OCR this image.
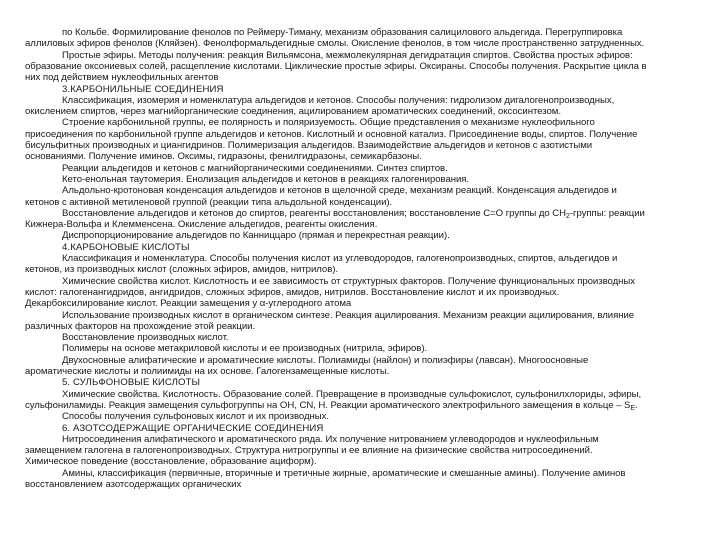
по Кольбе. Формилирование фенолов по Реймеру-Тиману, механизм образования салицилового альдегида. Перегруппировка
аллиловых эфиров фенолов (Кляйзен). Фенолформальдегидные смолы. Окисление фенолов, в том числе пространственно затрудненных.
Простые эфиры. Методы получения: реакция Вильямсона, межмолекулярная дегидратация спиртов. Свойства простых эфиров:
образование оксониевых солей, расщепление кислотами. Циклические простые эфиры. Оксираны. Способы получения. Раскрытие цикла в
них под действием нуклеофильных агентов
3.КАРБОНИЛЬНЫЕ СОЕДИНЕНИЯ
Классификация, изомерия и номенклатура альдегидов и кетонов. Способы получения: гидролизом дигалогенопроизводных,
окислением спиртов, через магнийорганические соединения, ацилированием ароматических соединений, оксосинтезом.
Строение карбонильной группы, ее полярность и поляризуемость. Общие представления о механизме нуклеофильного
присоединения по карбонильной группе альдегидов и кетонов. Кислотный и основной катализ. Присоединение воды, спиртов. Получение
бисульфитных производных и циангидринов. Полимеризация альдегидов. Взаимодействие альдегидов и кетонов с азотистыми
основаниями. Получение иминов. Оксимы, гидразоны, фенилгидразоны, семикарбазоны.
Реакции альдегидов и кетонов с магнийорганическими соединениями. Синтез спиртов.
Кето-енольная таутомерия. Енолизация альдегидов и кетонов в реакциях галогенирования.
Альдольно-кротоновая конденсация альдегидов и кетонов в щелочной среде, механизм реакций. Конденсация альдегидов и
кетонов с активной метиленовой группой (реакции типа альдольной конденсации).
Восстановление альдегидов и кетонов до спиртов, реагенты восстановления; восстановление С=О группы до $СН_2$-группы: реакции
Кижнера-Вольфа и Клемменсена. Окисление альдегидов, реагенты окисления.
Диспропорционирование альдегидов по Канниццаро (прямая и перекрестная реакции).
4.КАРБОНОВЫЕ КИСЛОТЫ
Классификация и номенклатура. Способы получения кислот из углеводородов, галогенопроизводных, спиртов, альдегидов и
кетонов, из производных кислот (сложных эфиров, амидов, нитрилов).
Химические свойства кислот. Кислотность и ее зависимость от структурных факторов. Получение функциональных производных
кислот: галогенангидридов, ангидридов, сложных эфиров, амидов, нитрилов. Восстановление кислот и их производных.
Декарбоксилирование кислот. Реакции замещения у α-углеродного атома
Использование производных кислот в органическом синтезе. Реакция ацилирования. Механизм реакции ацилирования, влияние
различных факторов на прохождение этой реакции.
Восстановление производных кислот.
Полимеры на основе метакриловой кислоты и ее производных (нитрила, эфиров).
Двухосновные алифатические и ароматические кислоты. Полиамиды (найлон) и полиэфиры (лавсан). Многоосновные
ароматические кислоты и полиимиды на их основе. Галогензамещенные кислоты.
5. СУЛЬФОНОВЫЕ КИСЛОТЫ
Химические свойства. Кислотность. Образование солей. Превращение в производные сульфокислот, сульфонилхлориды, эфиры,
сульфониламиды. Реакция замещения сульфогруппы на ОН, CN, H. Реакции ароматического электрофильного замещения в кольце – $S_E$.
Способы получения сульфоновых кислот и их производных.
6. АЗОТСОДЕРЖАЩИЕ ОРГАНИЧЕСКИЕ СОЕДИНЕНИЯ
Нитросоединения алифатического и ароматического ряда. Их получение нитрованием углеводородов и нуклеофильным
замещением галогена в галогенопроизводных. Структура нитрогруппы и ее влияние на физические свойства нитросоединений.
Химическое поведение (восстановление, образование ациформ).
Амины, классификация (первичные, вторичные и третичные жирные, ароматические и смешанные амины). Получение аминов
восстановлением азотсодержащих органических
